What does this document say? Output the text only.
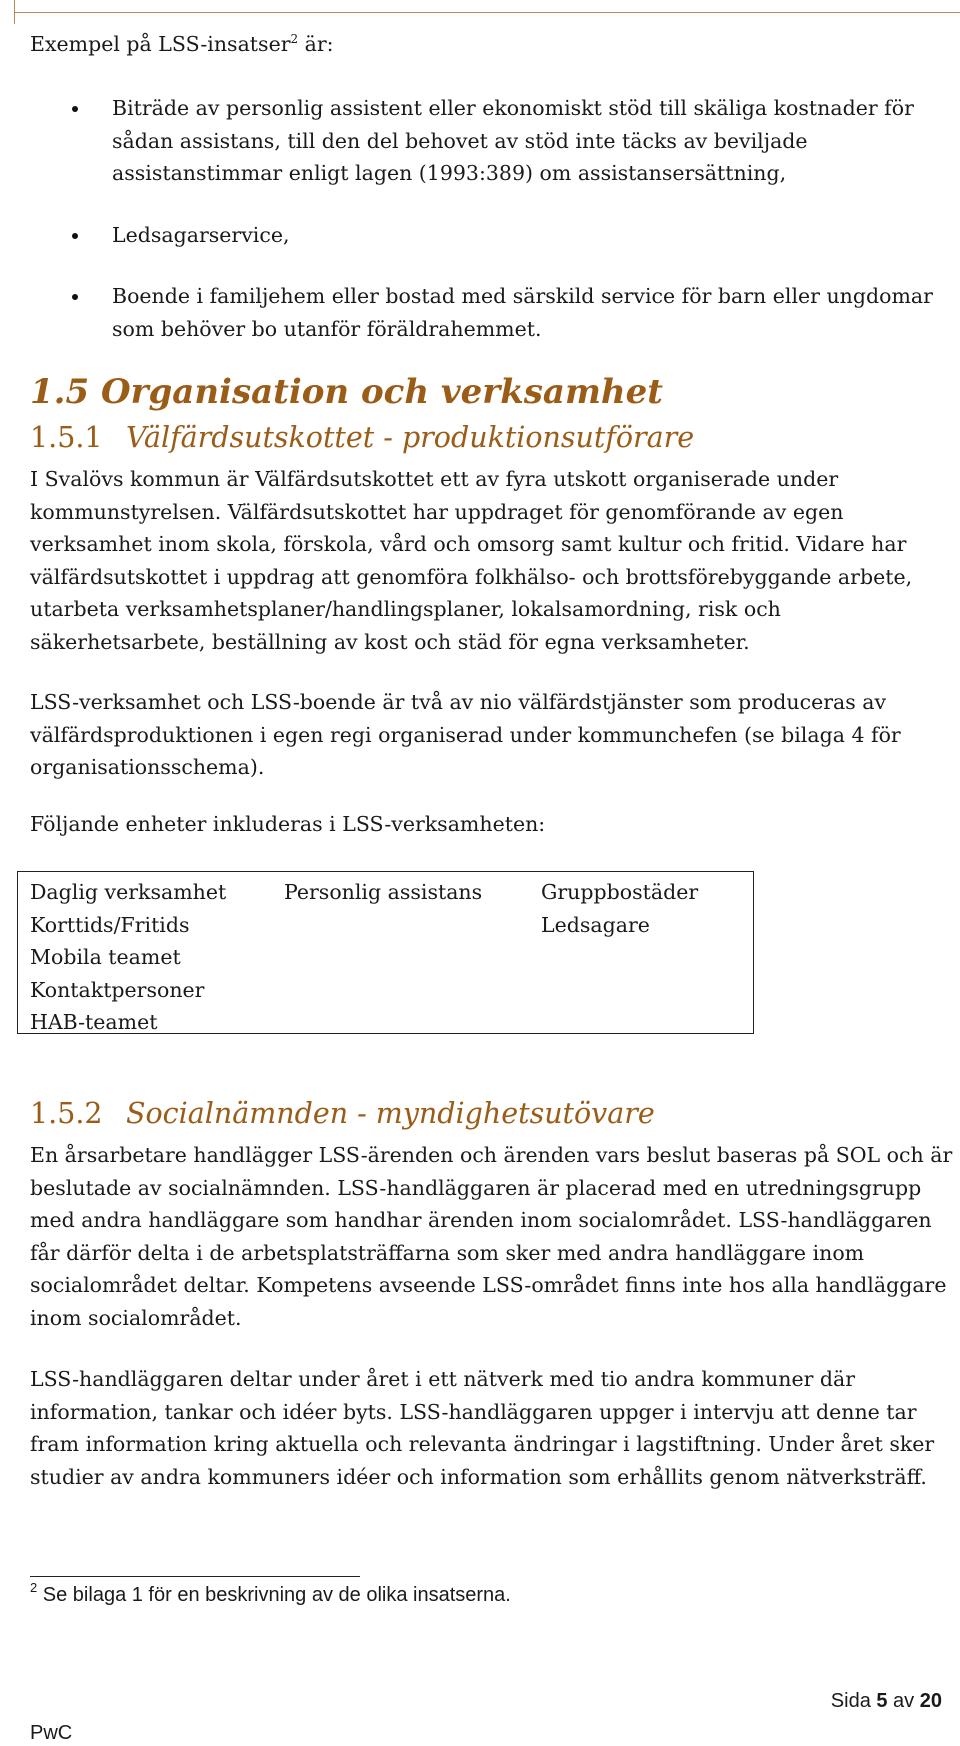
Exempel på LSS-insatser$^2$ är:
Biträde av personlig assistent eller ekonomiskt stöd till skäliga kostnader för sådan assistans, till den del behovet av stöd inte täcks av beviljade assistanstimmar enligt lagen (1993:389) om assistansersättning,
Ledsagarservice,
Boende i familjehem eller bostad med särskild service för barn eller ungdomar som behöver bo utanför föräldrahemmet.
1.5 Organisation och verksamhet
1.5.1 Välfärdsutskottet - produktionsutförare

I Svalövs kommun är Välfärdsutskottet ett av fyra utskott organiserade under kommunstyrelsen. Välfärdsutskottet har uppdraget för genomförande av egen verksamhet inom skola, förskola, vård och omsorg samt kultur och fritid. Vidare har välfärdsutskottet i uppdrag att genomföra folkhälso- och brottsförebyggande arbete, utarbeta verksamhetsplaner/handlingsplaner, lokalsamordning, risk och säkerhetsarbete, beställning av kost och städ för egna verksamheter.

LSS-verksamhet och LSS-boende är två av nio välfärdstjänster som produceras av välfärdsproduktionen i egen regi organiserad under kommunchefen (se bilaga 4 för organisationsschema).

Följande enheter inkluderas i LSS-verksamheten:

Daglig verksamhet
Korttids/Fritids
Mobila teamet
Kontaktpersoner
HAB-teamet
Personlig assistans	Gruppbostäder
Ledsagare
1.5.2 Socialnämnden - myndighetsutövare

En årsarbetare handlägger LSS-ärenden och ärenden vars beslut baseras på SOL och är beslutade av socialnämnden. LSS-handläggaren är placerad med en utredningsgrupp med andra handläggare som handhar ärenden inom socialområdet. LSS-handläggaren får därför delta i de arbetsplatsträffarna som sker med andra handläggare inom socialområdet deltar. Kompetens avseende LSS-området finns inte hos alla handläggare inom socialområdet.

LSS-handläggaren deltar under året i ett nätverk med tio andra kommuner där information, tankar och idéer byts. LSS-handläggaren uppger i intervju att denne tar fram information kring aktuella och relevanta ändringar i lagstiftning. Under året sker studier av andra kommuners idéer och information som erhållits genom nätverksträff.

$^2$ Se bilaga 1 för en beskrivning av de olika insatserna.
Sida 5 av 20
PwC
